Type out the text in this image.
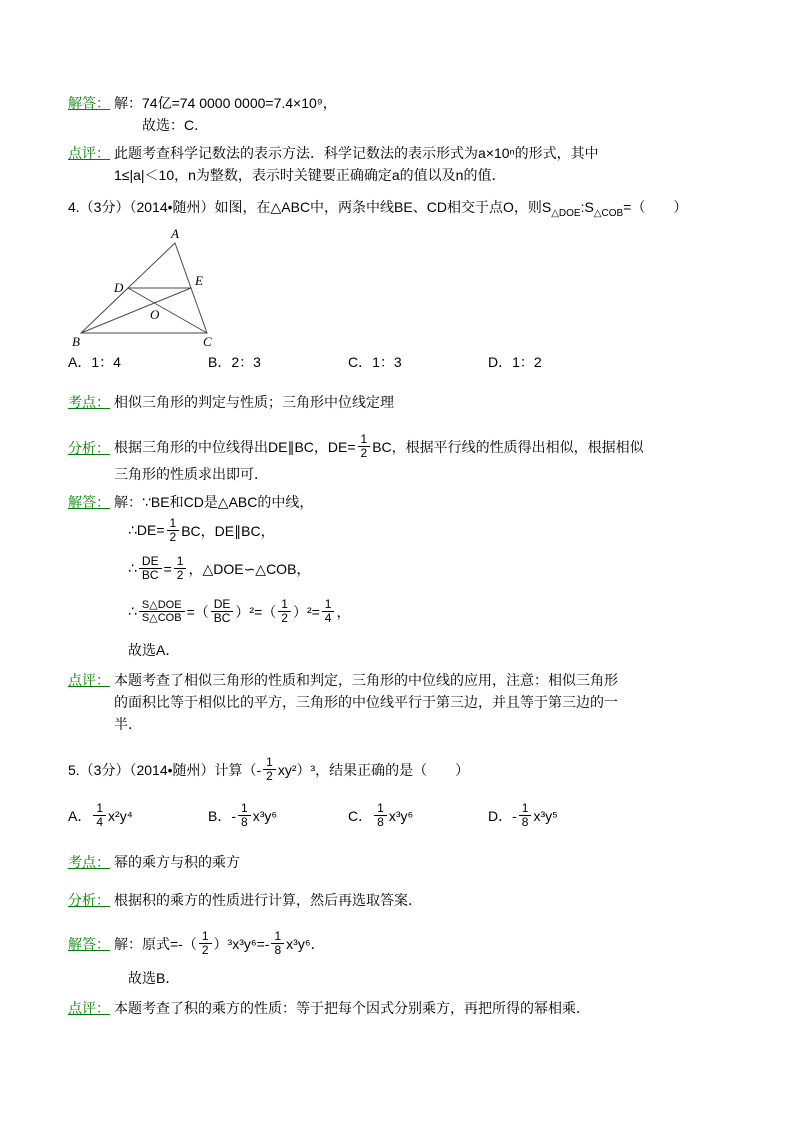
解答： 解：74亿=74 0000 0000=7.4×10⁹，
故选：C．
点评： 此题考查科学记数法的表示方法．科学记数法的表示形式为a×10ⁿ的形式，其中
1≤|a|＜10，n为整数，表示时关键要正确确定a的值以及n的值．
4.（3分）（2014•随州）如图，在△ABC中，两条中线BE、CD相交于点O，则$S_{\triangle DOE}:S_{\triangle COB}=$（　　）
A
D	E
O
B	C
A．1：4	B．2：3	C．1：3	D．1：2
考点： 相似三角形的判定与性质；三角形中位线定理
分析： 根据三角形的中位线得出DE∥BC，$DE= \frac{1}{2}$ BC，根据平行线的性质得出相似，根据相似
三角形的性质求出即可．
解答： 解：∵BE和CD是△ABC的中线，
∴DE= $\frac{1}{2}$ BC，DE∥BC，
∴ $\frac{DE}{BC} = \frac{1}{2}$ ，△DOE∽△COB，
∴ $\frac{\text{S△DOE}}{\text{S△COB}}$ =（ $\frac{DE}{BC} )^2=( \frac{1}{2} )^2= \frac{1}{4}$ ，
故选A．
点评： 本题考查了相似三角形的性质和判定，三角形的中位线的应用，注意：相似三角形
的面积比等于相似比的平方，三角形的中位线平行于第三边，并且等于第三边的一
半．
5.（3分）（2014•随州）计算（- $\frac{1}{2} xy^2)^3$，结果正确的是（　　）
A． $\frac{1}{4} x^2y^4$	B．- $\frac{1}{8} x^3y^6$	C． $\frac{1}{8} x^3y^6$	D．- $\frac{1}{8} x^3y^5$
考点： 幂的乘方与积的乘方
分析： 根据积的乘方的性质进行计算，然后再选取答案．
解答： 解：原式=-（ $\frac{1}{2} )^3x^3y^6=- \frac{1}{8} x^3y^6$．
故选B．
点评： 本题考查了积的乘方的性质：等于把每个因式分别乘方，再把所得的幂相乘．
